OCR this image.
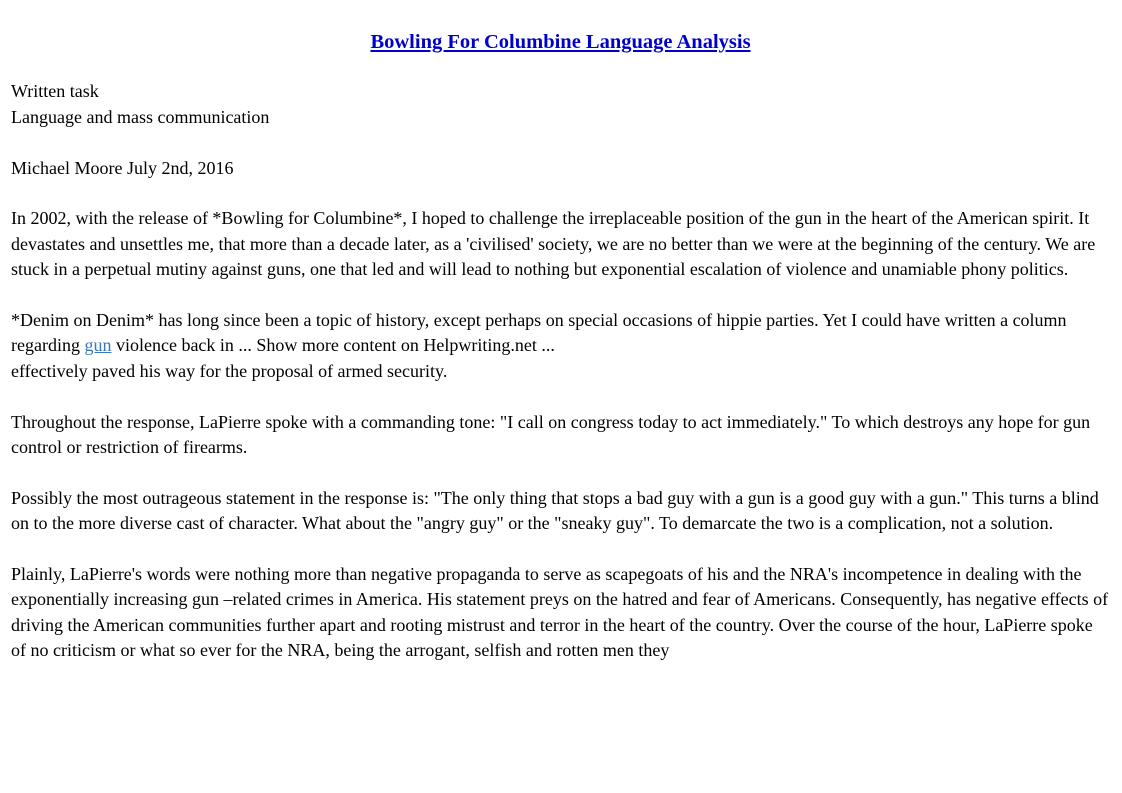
Bowling For Columbine Language Analysis
Written task
Language and mass communication
Michael Moore July 2nd, 2016
In 2002, with the release of *Bowling for Columbine*, I hoped to challenge the irreplaceable position of the gun in the heart of the American spirit. It devastates and unsettles me, that more than a decade later, as a 'civilised' society, we are no better than we were at the beginning of the century. We are stuck in a perpetual mutiny against guns, one that led and will lead to nothing but exponential escalation of violence and unamiable phony politics.
*Denim on Denim* has long since been a topic of history, except perhaps on special occasions of hippie parties. Yet I could have written a column regarding gun violence back in ... Show more content on Helpwriting.net ...
effectively paved his way for the proposal of armed security.
Throughout the response, LaPierre spoke with a commanding tone: "I call on congress today to act immediately." To which destroys any hope for gun control or restriction of firearms.
Possibly the most outrageous statement in the response is: "The only thing that stops a bad guy with a gun is a good guy with a gun." This turns a blind on to the more diverse cast of character. What about the "angry guy" or the "sneaky guy". To demarcate the two is a complication, not a solution.
Plainly, LaPierre's words were nothing more than negative propaganda to serve as scapegoats of his and the NRA's incompetence in dealing with the exponentially increasing gun –related crimes in America. His statement preys on the hatred and fear of Americans. Consequently, has negative effects of driving the American communities further apart and rooting mistrust and terror in the heart of the country. Over the course of the hour, LaPierre spoke of no criticism or what so ever for the NRA, being the arrogant, selfish and rotten men they
